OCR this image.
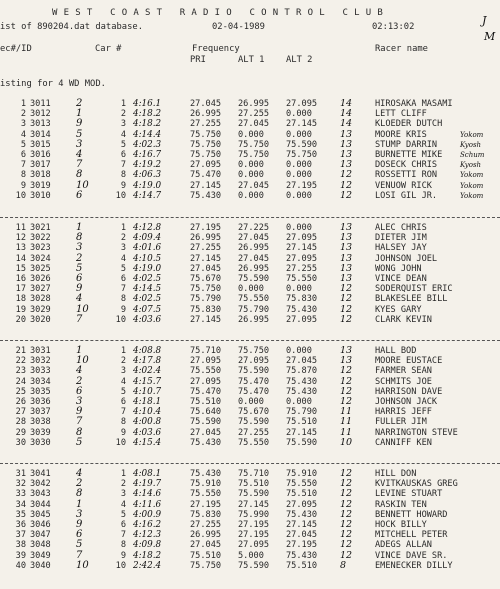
WEST COAST RADIO CONTROL CLUB
ist of 890204.dat database.	02-04-1989	02:13:02	J
M
ec#/ID	Car #	Frequency
PRI	ALT 1 ALT 2
Racer name
isting for 4 WD MOD.
1 3011	2	1 4:16.1	27.045 26.995 27.095 14	HIROSAKA MASAMI
2 3012	1	2 4:18.2	26.995 27.255 0.000	14	LETT CLIFF
3 3013	9	3 4:18.2	27.255 27.045 27.145 14	KLOEDER DUTCH
4 3014	5	4 4:14.4	75.750 0.000	0.000	13	MOORE KRIS	Yokom
5 3015	3	5 4:02.3	75.750 75.750 75.590 13	STUMP DARRIN	Kyosh
6 3016	4	6 4:16.7	75.750 75.750 75.750 13	BURNETTE MIKE	Schum
7 3017	7	7 4:19.2	27.095 0.000	0.000	13	DOSECK CHRIS	Kyosh
8 3018	8	8 4:06.3	75.470 0.000	0.000	12	ROSSETTI RON	Yokom
9 3019	10	9 4:19.0	27.145 27.045 27.195 12	VENUOW RICK	Yokom
10 3010	6	10 4:14.7	75.430 0.000	0.000	12	LOSI GIL JR.	Yokom
11 3021	1	1 4:12.8	27.195 27.225 0.000	13	ALEC CHRIS
12 3022	8	2 4:09.4	26.995 27.045 27.095 13	DIETER JIM
13 3023	3	3 4:01.6	27.255 26.995 27.145 13	HALSEY JAY
14 3024	2	4 4:10.5	27.145 27.045 27.095 13	JOHNSON JOEL
15 3025	5	5 4:19.0	27.045 26.995 27.255 13	WONG JOHN
16 3026	6	6 4:02.5	75.670 75.590 75.550 13	VINCE DEAN
17 3027	9	7 4:14.5	75.750 0.000	0.000	12	SODERQUIST ERIC
18 3028	4	8 4:02.5	75.790 75.550 75.830 12	BLAKESLEE BILL
19 3029	10	9 4:07.5	75.830 75.790 75.430 12	KYES GARY
20 3020	7	10 4:03.6	27.145 26.995 27.095 12	CLARK KEVIN
21 3031	1	1 4:08.8	75.710 75.750 0.000	13	HALL BOD
22 3032	10	2 4:17.8	27.095 27.095 27.045 13	MOORE EUSTACE
23 3033	4	3 4:02.4	75.550 75.590 75.870 12	FARMER SEAN
24 3034	2	4 4:15.7	27.095 75.470 75.430 12	SCHMITS JOE
25 3035	6	5 4:10.7	75.470 75.470 75.430 12	HARRISON DAVE
26 3036	3	6 4:18.1	75.510 0.000	0.000	12	JOHNSON JACK
27 3037	9	7 4:10.4	75.640 75.670 75.790 11	HARRIS JEFF
28 3038	7	8 4:00.8	75.590 75.590 75.510 11	FULLER JIM
29 3039	8	9 4:03.6	27.045 27.255 27.145 11	NARRINGTON STEVE
30 3030	5	10 4:15.4	75.430 75.550 75.590 10	CANNIFF KEN
31 3041	4	1 4:08.1	75.430 75.710 75.910 12	HILL DON
32 3042	2	2 4:19.7	75.910 75.510 75.550 12	KVITKAUSKAS GREG
33 3043	8	3 4:14.6	75.550 75.590 75.510 12	LEVINE STUART
34 3044	1	4 4:11.6	27.195 27.145 27.095 12	RASKIN TEN
35 3045	3	5 4:00.9	75.830 75.990 75.430 12	BENNETT HOWARD
36 3046	9	6 4:16.2	27.255 27.195 27.145 12	HOCK BILLY
37 3047	6	7 4:12.3	26.995 27.195 27.045 12	MITCHELL PETER
38 3048	5	8 4:09.8	27.045 27.095 27.195 12	ADEGS ALLAN
39 3049	7	9 4:18.2	75.510 5.000	75.430 12	VINCE DAVE SR.
40 3040	10	10 2:42.4	75.750 75.590 75.510 8	EMENECKER DILLY
